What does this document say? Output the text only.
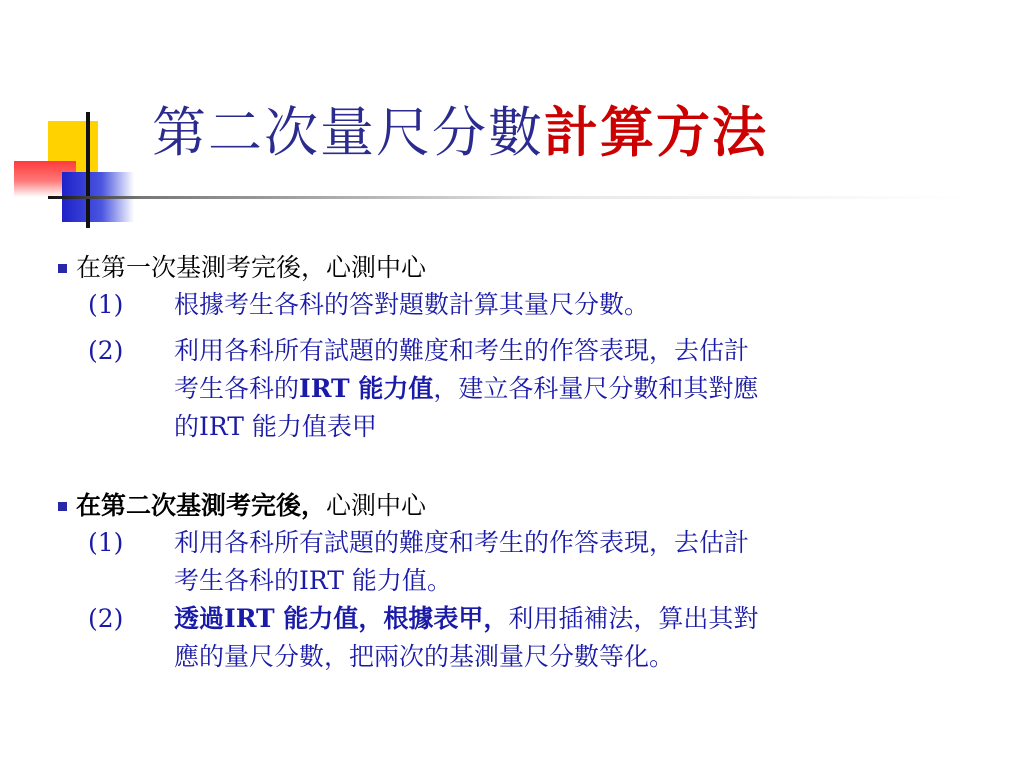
第二次量尺分數計算方法
在第一次基測考完後，心測中心
(1) 根據考生各科的答對題數計算其量尺分數。
(2) 利用各科所有試題的難度和考生的作答表現，去估計
考生各科的IRT 能力值，建立各科量尺分數和其對應
的IRT 能力值表甲
在第二次基測考完後，心測中心
(1) 利用各科所有試題的難度和考生的作答表現，去估計
考生各科的IRT 能力值。
(2) 透過IRT 能力值，根據表甲，利用插補法，算出其對
應的量尺分數，把兩次的基測量尺分數等化。
